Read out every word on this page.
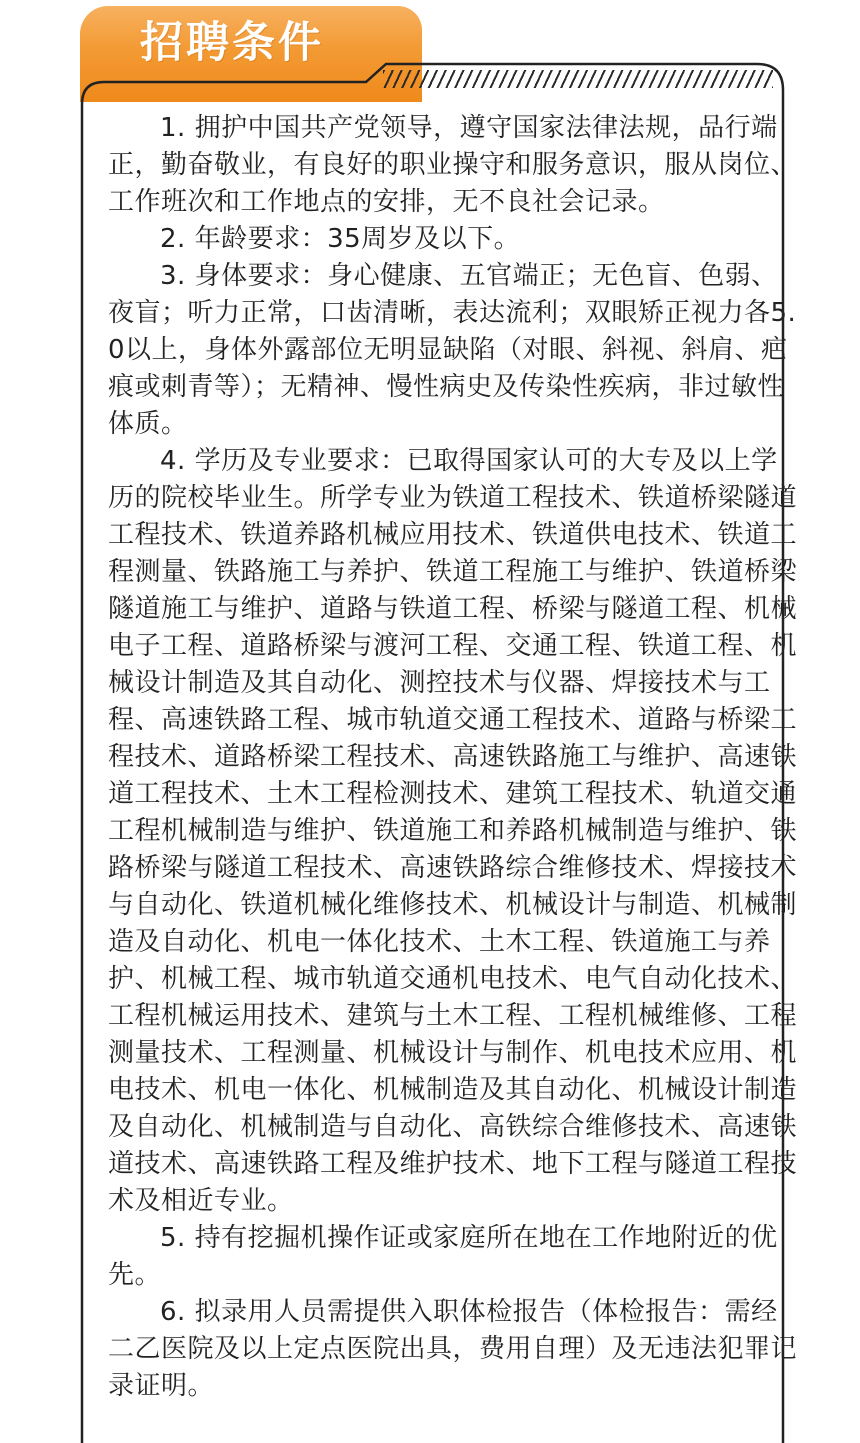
招聘条件

1. 拥护中国共产党领导，遵守国家法律法规，品行端正，勤奋敬业，有良好的职业操守和服务意识，服从岗位、工作班次和工作地点的安排，无不良社会记录。

2. 年龄要求：35周岁及以下。

3. 身体要求：身心健康、五官端正；无色盲、色弱、夜盲；听力正常，口齿清晰，表达流利；双眼矫正视力各5.0以上，身体外露部位无明显缺陷（对眼、斜视、斜肩、疤痕或刺青等）；无精神、慢性病史及传染性疾病，非过敏性体质。

4. 学历及专业要求：已取得国家认可的大专及以上学历的院校毕业生。所学专业为铁道工程技术、铁道桥梁隧道工程技术、铁道养路机械应用技术、铁道供电技术、铁道工程测量、铁路施工与养护、铁道工程施工与维护、铁道桥梁隧道施工与维护、道路与铁道工程、桥梁与隧道工程、机械电子工程、道路桥梁与渡河工程、交通工程、铁道工程、机械设计制造及其自动化、测控技术与仪器、焊接技术与工程、高速铁路工程、城市轨道交通工程技术、道路与桥梁工程技术、道路桥梁工程技术、高速铁路施工与维护、高速铁道工程技术、土木工程检测技术、建筑工程技术、轨道交通工程机械制造与维护、铁道施工和养路机械制造与维护、铁路桥梁与隧道工程技术、高速铁路综合维修技术、焊接技术与自动化、铁道机械化维修技术、机械设计与制造、机械制造及自动化、机电一体化技术、土木工程、铁道施工与养护、机械工程、城市轨道交通机电技术、电气自动化技术、工程机械运用技术、建筑与土木工程、工程机械维修、工程测量技术、工程测量、机械设计与制作、机电技术应用、机电技术、机电一体化、机械制造及其自动化、机械设计制造及自动化、机械制造与自动化、高铁综合维修技术、高速铁道技术、高速铁路工程及维护技术、地下工程与隧道工程技术及相近专业。

5. 持有挖掘机操作证或家庭所在地在工作地附近的优先。

6. 拟录用人员需提供入职体检报告（体检报告：需经二乙医院及以上定点医院出具，费用自理）及无违法犯罪记录证明。
